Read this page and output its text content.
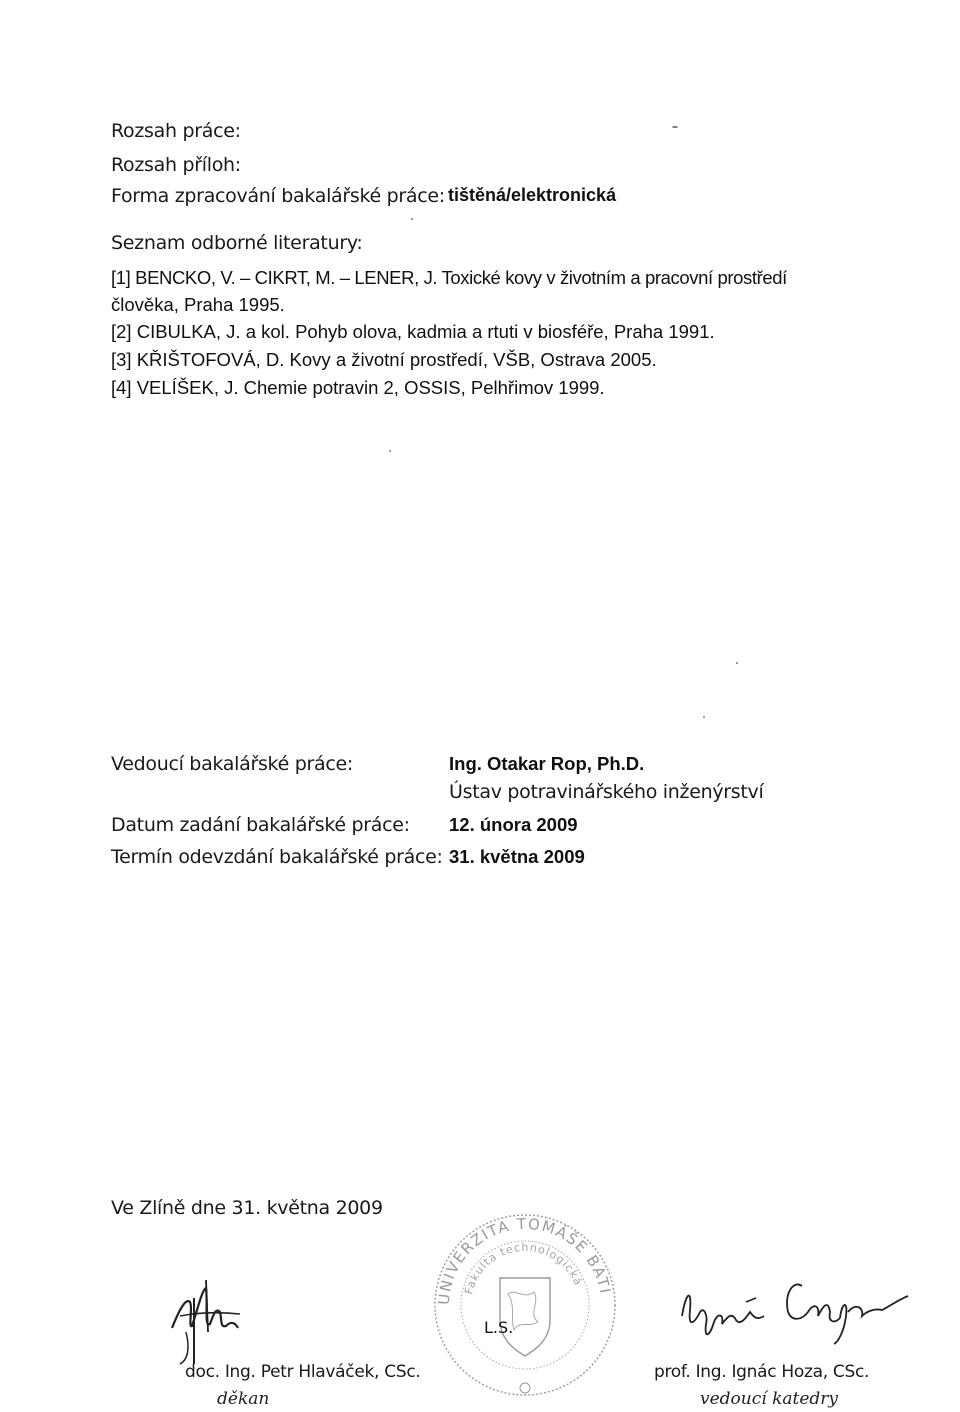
Rozsah práce:
Rozsah příloh:
Forma zpracování bakalářské práce: tištěná/elektronická
Seznam odborné literatury:
[1] BENCKO, V. – CIKRT, M. – LENER, J. Toxické kovy v životním a pracovní prostředí
člověka, Praha 1995.
[2] CIBULKA, J. a kol. Pohyb olova, kadmia a rtuti v biosféře, Praha 1991.
[3] KŘIŠTOFOVÁ, D. Kovy a životní prostředí, VŠB, Ostrava 2005.
[4] VELÍŠEK, J. Chemie potravin 2, OSSIS, Pelhřimov 1999.
Vedoucí bakalářské práce:	Ing. Otakar Rop, Ph.D.
Ústav potravinářského inženýrství
Datum zadání bakalářské práce: 12. února 2009
Termín odevzdání bakalářské práce: 31. května 2009
Ve Zlíně dne 31. května 2009
doc. Ing. Petr Hlaváček, CSc.
děkan
UNIVERZITA TOMÁŠE BATI VE ZLÍNĚ
Fakulta technologická
L.S.
Ignác Hoza
prof. Ing. Ignác Hoza, CSc.
vedoucí katedry
